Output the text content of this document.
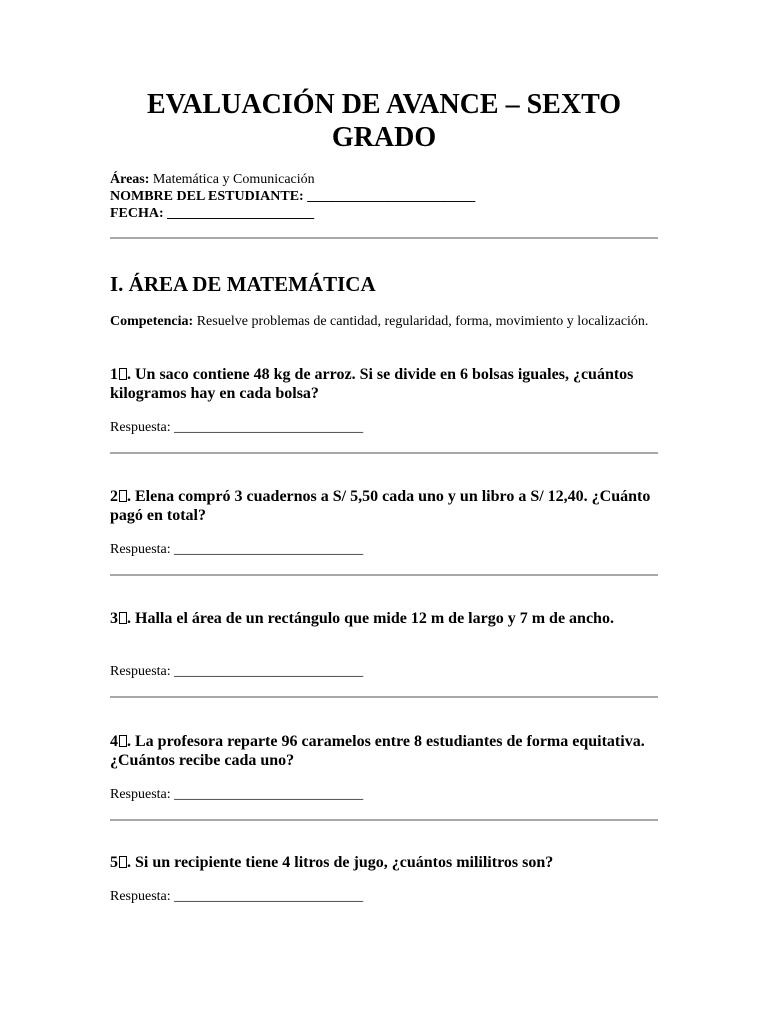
EVALUACIÓN DE AVANCE – SEXTO GRADO
Áreas: Matemática y Comunicación
NOMBRE DEL ESTUDIANTE: ________________________
FECHA: _____________________
I. ÁREA DE MATEMÁTICA
Competencia: Resuelve problemas de cantidad, regularidad, forma, movimiento y localización.

1 . Un saco contiene 48 kg de arroz. Si se divide en 6 bolsas iguales, ¿cuántos kilogramos hay en cada bolsa?

Respuesta: ___________________________

2 . Elena compró 3 cuadernos a S/ 5,50 cada uno y un libro a S/ 12,40. ¿Cuánto pagó en total?

Respuesta: ___________________________

3 . Halla el área de un rectángulo que mide 12 m de largo y 7 m de ancho.

Respuesta: ___________________________

4 . La profesora reparte 96 caramelos entre 8 estudiantes de forma equitativa. ¿Cuántos recibe cada uno?

Respuesta: ___________________________

5 . Si un recipiente tiene 4 litros de jugo, ¿cuántos mililitros son?

Respuesta: ___________________________
